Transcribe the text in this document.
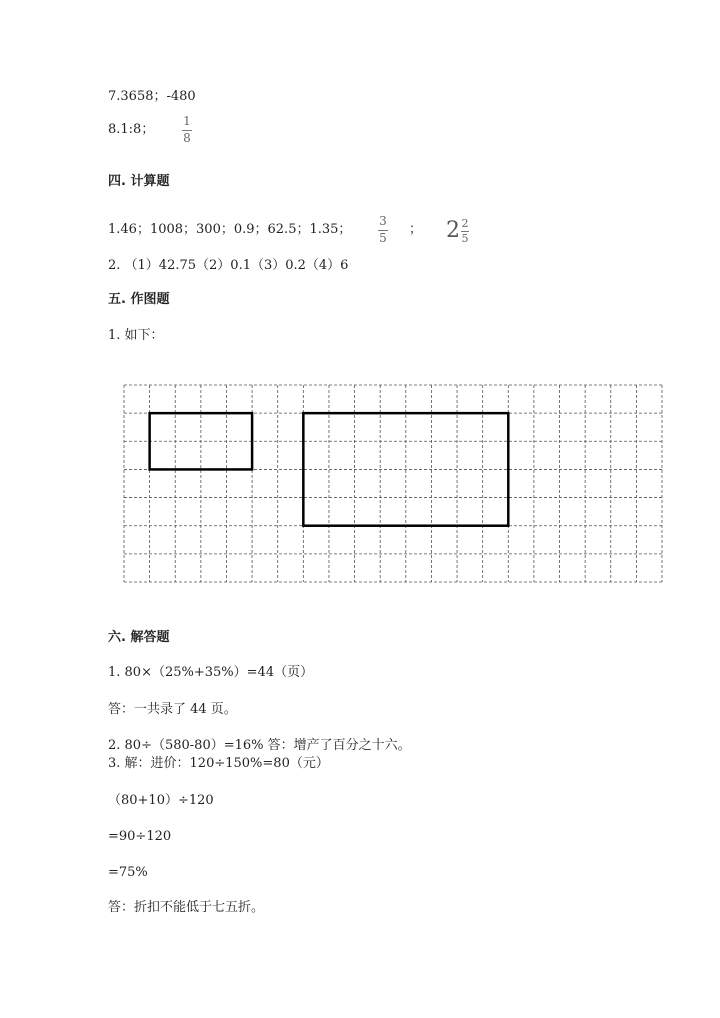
7.3658；-480
8.1:8；
1
8
四. 计算题
1.46；1008；300；0.9；62.5；1.35；
3
5
； $2 \frac{2}{5}$
2. （1）42.75（2）0.1（3）0.2（4）6
五. 作图题
1. 如下：
六. 解答题
1. 80×（25%+35%）=44（页）
答：一共录了 44 页。
2. 80÷（580-80）=16% 答：增产了百分之十六。
3. 解：进价：120÷150%=80（元）
（80+10）÷120
=90÷120
=75%
答：折扣不能低于七五折。
